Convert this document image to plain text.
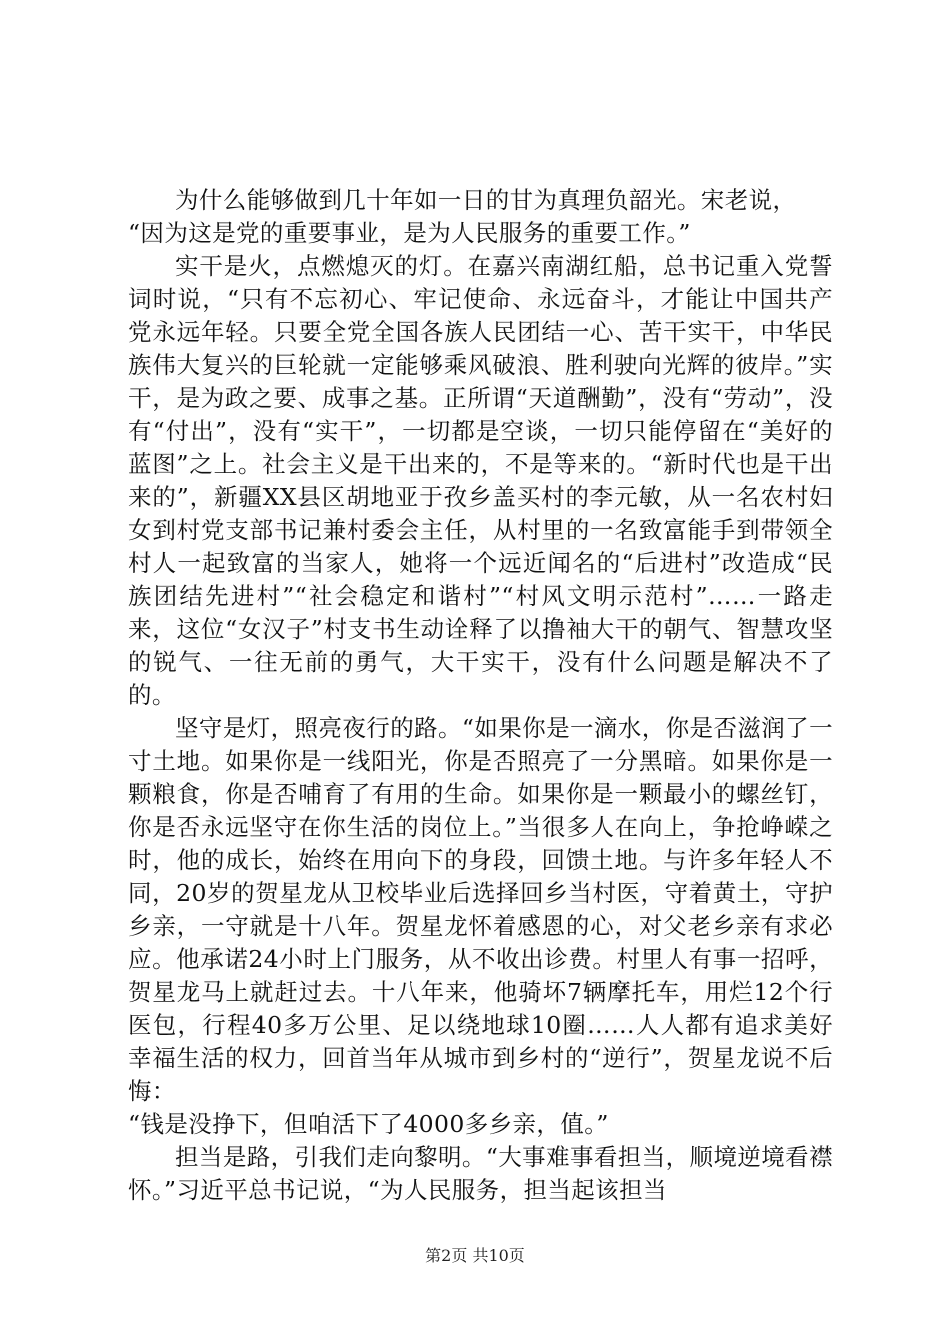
为什么能够做到几十年如一日的甘为真理负韶光。宋老说，

“因为这是党的重要事业，是为人民服务的重要工作。”

实干是火，点燃熄灭的灯。在嘉兴南湖红船，总书记重入党誓词时说，“只有不忘初心、牢记使命、永远奋斗，才能让中国共产党永远年轻。只要全党全国各族人民团结一心、苦干实干，中华民族伟大复兴的巨轮就一定能够乘风破浪、胜利驶向光辉的彼岸。”实干，是为政之要、成事之基。正所谓“天道酬勤”，没有“劳动”，没有“付出”，没有“实干”，一切都是空谈，一切只能停留在“美好的蓝图”之上。社会主义是干出来的，不是等来的。“新时代也是干出来的”，新疆XX县区胡地亚于孜乡盖买村的李元敏，从一名农村妇女到村党支部书记兼村委会主任，从村里的一名致富能手到带领全村人一起致富的当家人，她将一个远近闻名的“后进村”改造成“民族团结先进村”“社会稳定和谐村”“村风文明示范村”……一路走来，这位“女汉子”村支书生动诠释了以撸袖大干的朝气、智慧攻坚的锐气、一往无前的勇气，大干实干，没有什么问题是解决不了的。

坚守是灯，照亮夜行的路。“如果你是一滴水，你是否滋润了一寸土地。如果你是一线阳光，你是否照亮了一分黑暗。如果你是一颗粮食，你是否哺育了有用的生命。如果你是一颗最小的螺丝钉，你是否永远坚守在你生活的岗位上。”当很多人在向上，争抢峥嵘之时，他的成长，始终在用向下的身段，回馈土地。与许多年轻人不同，20岁的贺星龙从卫校毕业后选择回乡当村医，守着黄土，守护乡亲，一守就是十八年。贺星龙怀着感恩的心，对父老乡亲有求必应。他承诺24小时上门服务，从不收出诊费。村里人有事一招呼，贺星龙马上就赶过去。十八年来，他骑坏7辆摩托车，用烂12个行医包，行程40多万公里、足以绕地球10圈……人人都有追求美好幸福生活的权力，回首当年从城市到乡村的“逆行”，贺星龙说不后悔：

“钱是没挣下，但咱活下了4000多乡亲，值。”

担当是路，引我们走向黎明。“大事难事看担当，顺境逆境看襟怀。”习近平总书记说，“为人民服务，担当起该担当

第2页 共10页
